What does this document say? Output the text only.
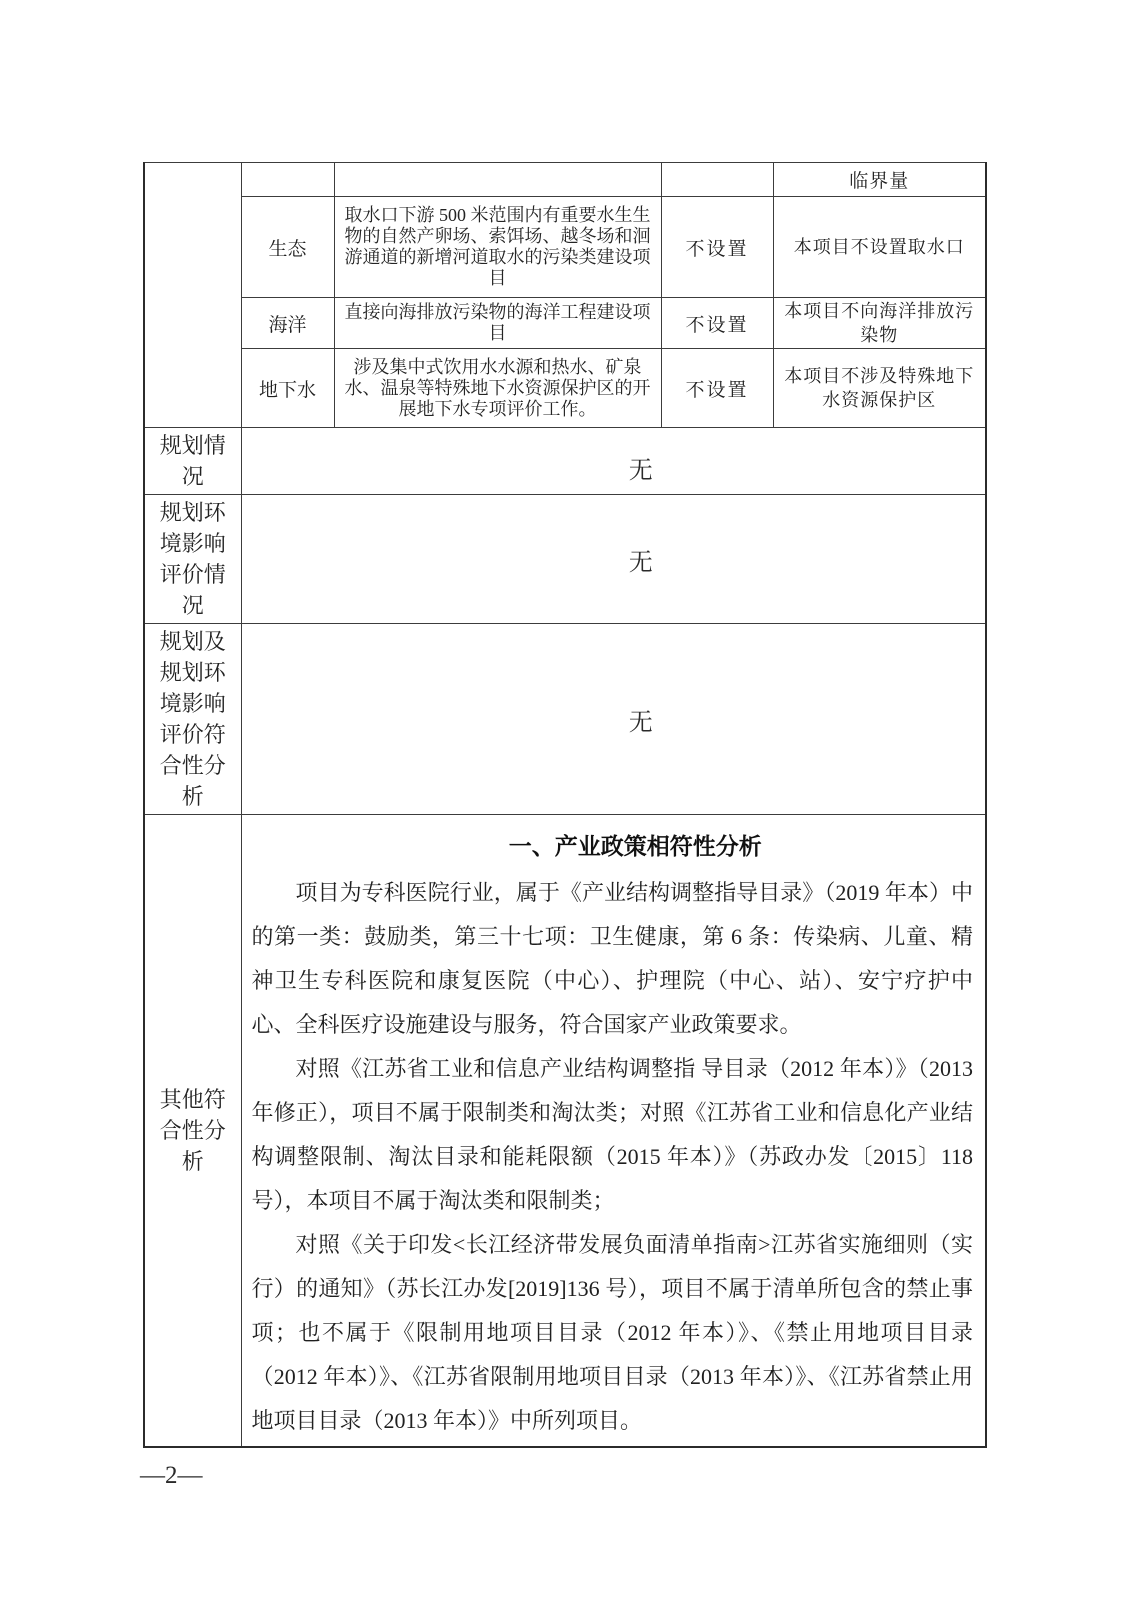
				临界量
	生态	取水口下游 500 米范围内有重要水生生物的自然产卵场、索饵场、越冬场和洄游通道的新增河道取水的污染类建设项目	不设置	本项目不设置取水口
	海洋	直接向海排放污染物的海洋工程建设项目	不设置	本项目不向海洋排放污染物
	地下水	涉及集中式饮用水水源和热水、矿泉水、温泉等特殊地下水资源保护区的开展地下水专项评价工作。	不设置	本项目不涉及特殊地下水资源保护区
规划情况	无			
规划环境影响评价情况	无			
规划及规划环境影响评价符合性分析	无			
其他符合性分析	
一、产业政策相符性分析

项目为专科医院行业，属于《产业结构调整指导目录》（2019 年本）中的第一类：鼓励类，第三十七项：卫生健康，第 6 条：传染病、儿童、精神卫生专科医院和康复医院（中心）、护理院（中心、站）、安宁疗护中心、全科医疗设施建设与服务，符合国家产业政策要求。

对照《江苏省工业和信息产业结构调整指 导目录（2012 年本）》（2013 年修正），项目不属于限制类和淘汰类；对照《江苏省工业和信息化产业结构调整限制、淘汰目录和能耗限额（2015 年本）》（苏政办发〔2015〕118 号），本项目不属于淘汰类和限制类；

对照《关于印发<长江经济带发展负面清单指南>江苏省实施细则（实行）的通知》（苏长江办发[2019]136 号），项目不属于清单所包含的禁止事项；也不属于《限制用地项目目录（2012 年本）》、《禁止用地项目目录（2012 年本）》、《江苏省限制用地项目目录（2013 年本）》、《江苏省禁止用地项目目录（2013 年本）》中所列项目。

—2—
